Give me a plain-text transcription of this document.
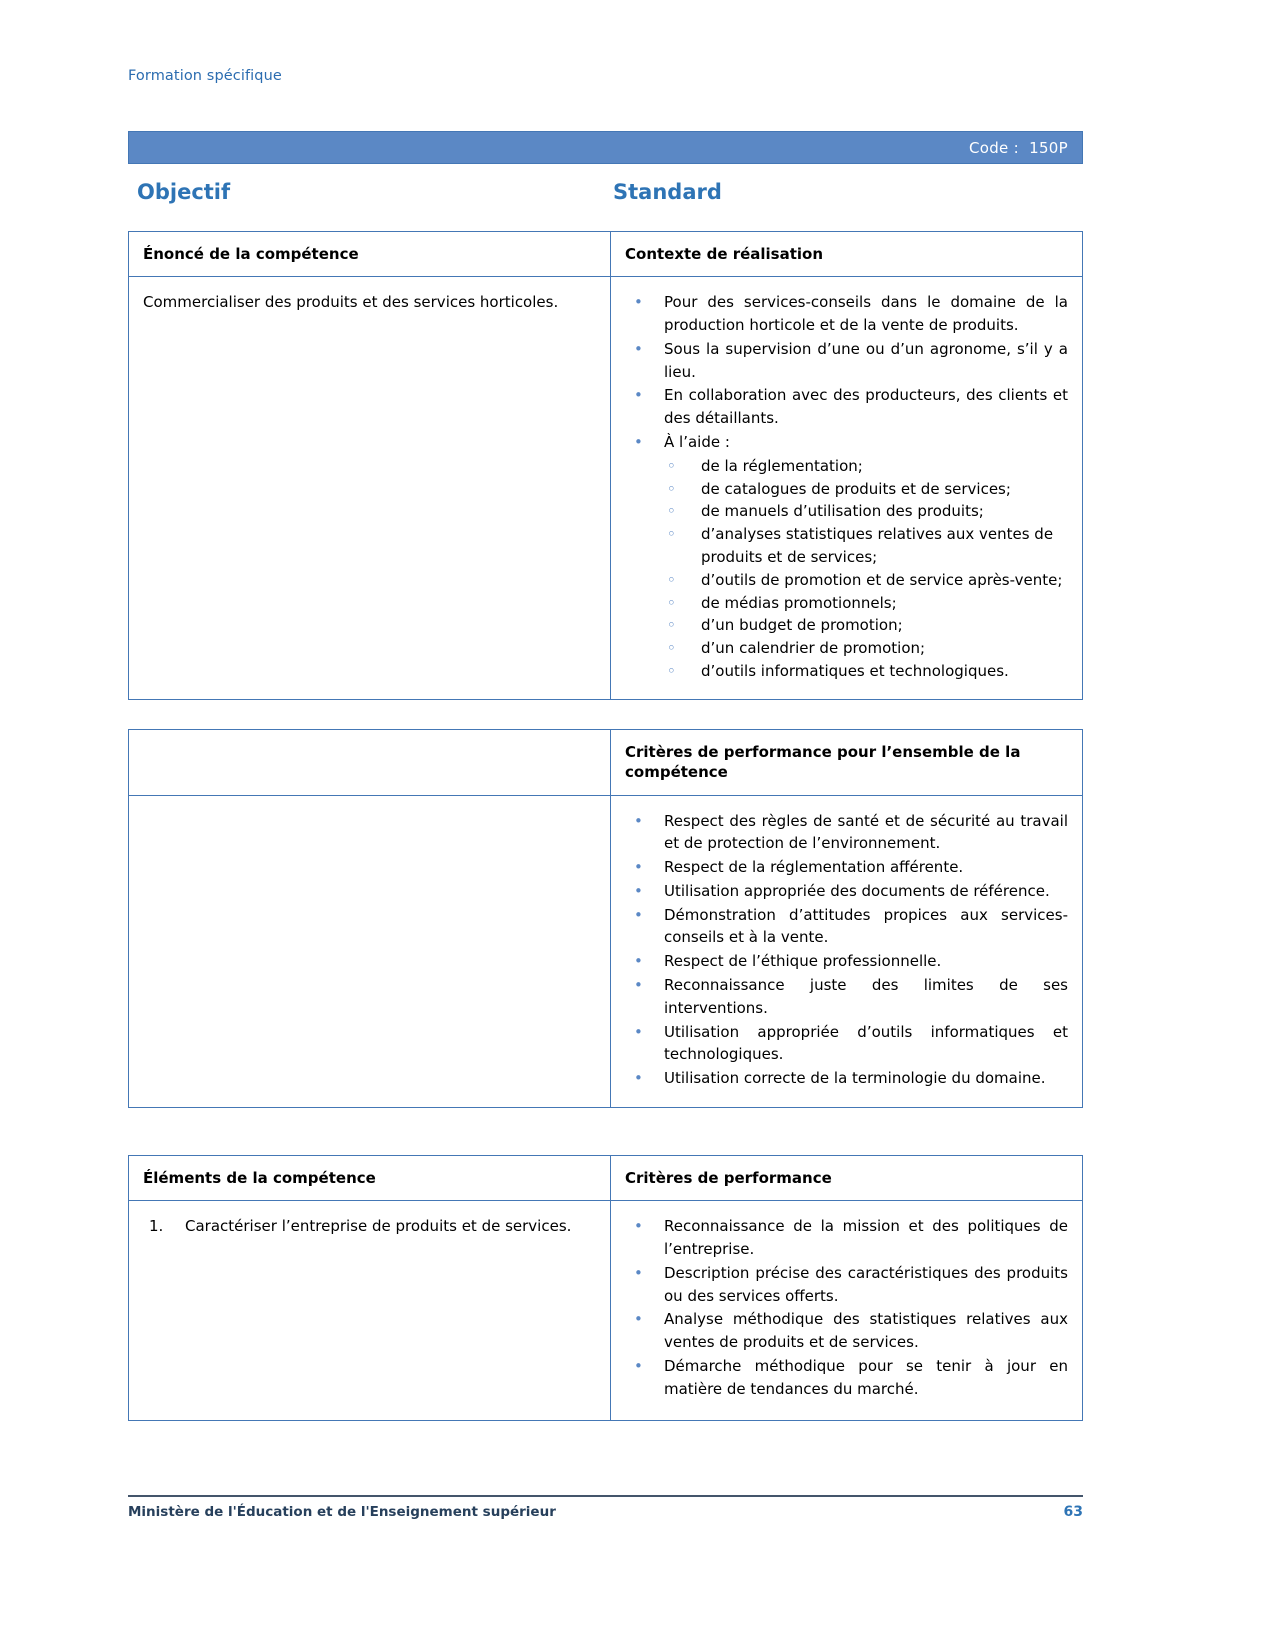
Formation spécifique
Code : 150P
Objectif	Standard
Énoncé de la compétence	Contexte de réalisation
Commercialiser des produits et des services horticoles.	• Pour des services-conseils dans le domaine de la production horticole et de la vente de produits.
• Sous la supervision d’une ou d’un agronome, s’il y a lieu.
• En collaboration avec des producteurs, des clients et des détaillants.
• À l’aide :
◦ de la réglementation;
◦ de catalogues de produits et de services;
◦ de manuels d’utilisation des produits;
◦ d’analyses statistiques relatives aux ventes de produits et de services;
◦ d’outils de promotion et de service après-vente;
◦ de médias promotionnels;
◦ d’un budget de promotion;
◦ d’un calendrier de promotion;
◦ d’outils informatiques et technologiques.
Critères de performance pour l’ensemble de la compétence
• Respect des règles de santé et de sécurité au travail et de protection de l’environnement.
• Respect de la réglementation afférente.
• Utilisation appropriée des documents de référence.
• Démonstration d’attitudes propices aux services-conseils et à la vente.
• Respect de l’éthique professionnelle.
• Reconnaissance juste des limites de ses interventions.
• Utilisation appropriée d’outils informatiques et technologiques.
• Utilisation correcte de la terminologie du domaine.
Éléments de la compétence	Critères de performance
1. Caractériser l’entreprise de produits et de services.	• Reconnaissance de la mission et des politiques de l’entreprise.
• Description précise des caractéristiques des produits ou des services offerts.
• Analyse méthodique des statistiques relatives aux ventes de produits et de services.
• Démarche méthodique pour se tenir à jour en matière de tendances du marché.
Ministère de l'Éducation et de l'Enseignement supérieur	63
